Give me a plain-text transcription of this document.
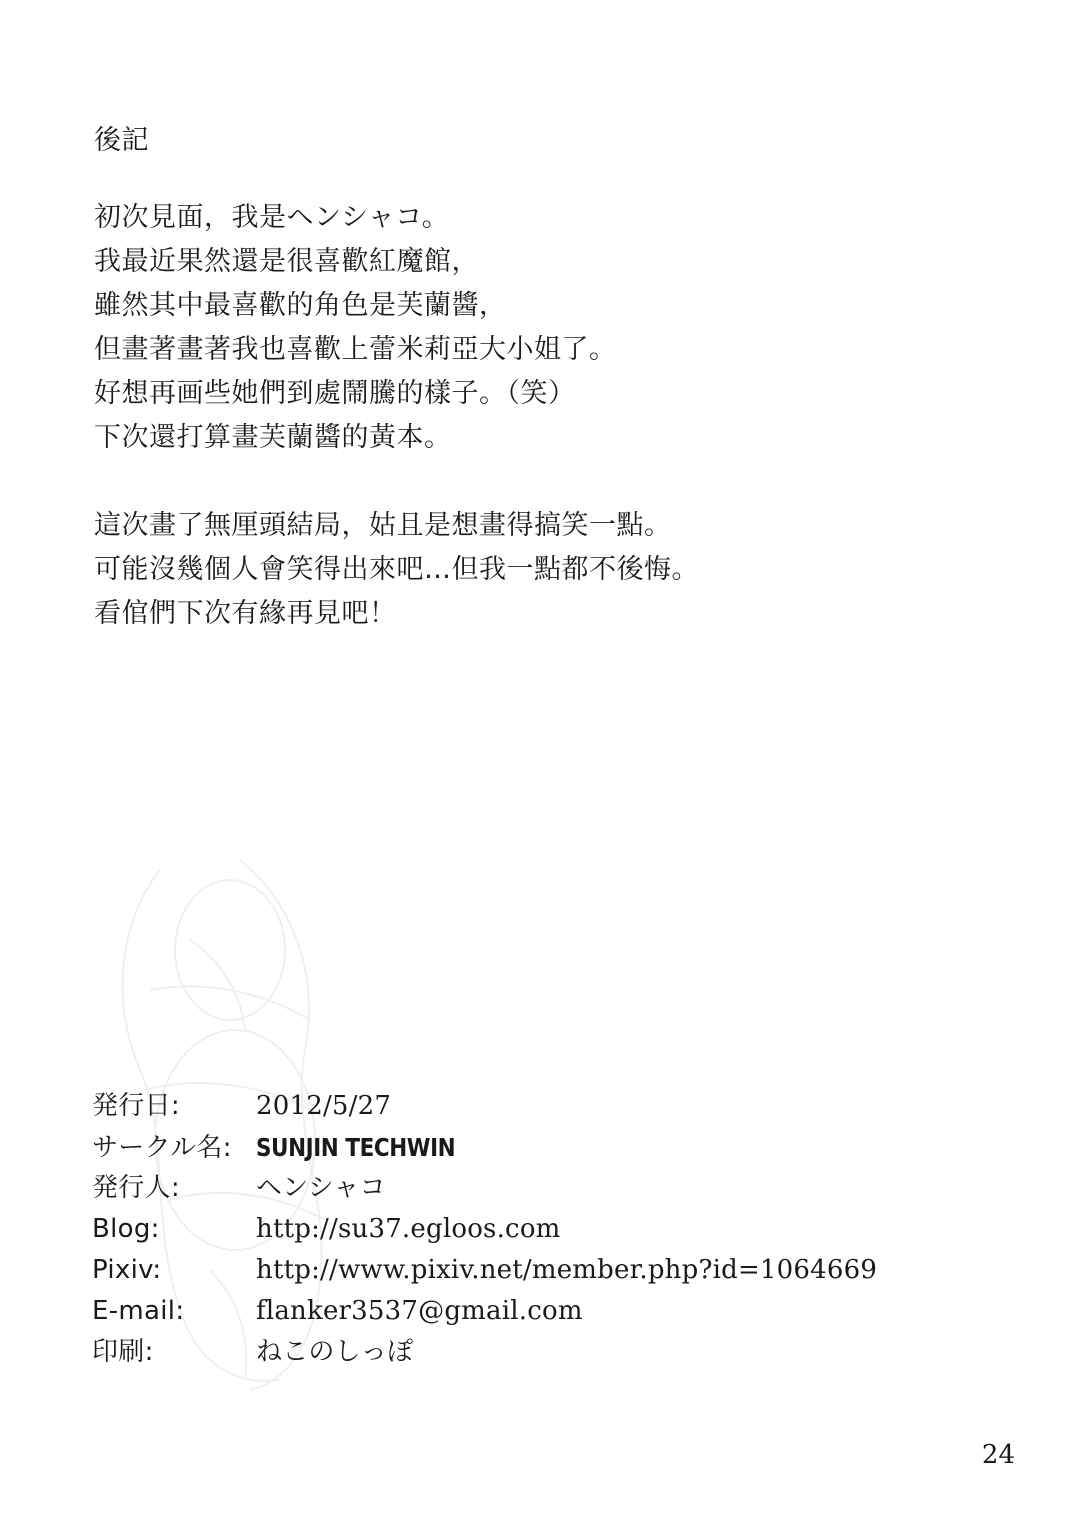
後記

初次見面，我是ヘンシャコ。

我最近果然還是很喜歡紅魔館，

雖然其中最喜歡的角色是芙蘭醬，

但畫著畫著我也喜歡上蕾米莉亞大小姐了。

好想再画些她們到處鬧騰的樣子。（笑）

下次還打算畫芙蘭醬的黃本。

這次畫了無厘頭結局，姑且是想畫得搞笑一點。

可能沒幾個人會笑得出來吧…但我一點都不後悔。

看倌們下次有緣再見吧！

発行日:	2012/5/27
サークル名: SUNJIN TECHWIN
発行人:	ヘンシャコ
Blog:	http://su37.egloos.com
Pixiv:	http://www.pixiv.net/member.php?id=1064669
E-mail:	flanker3537@gmail.com
印刷:	ねこのしっぽ
24
